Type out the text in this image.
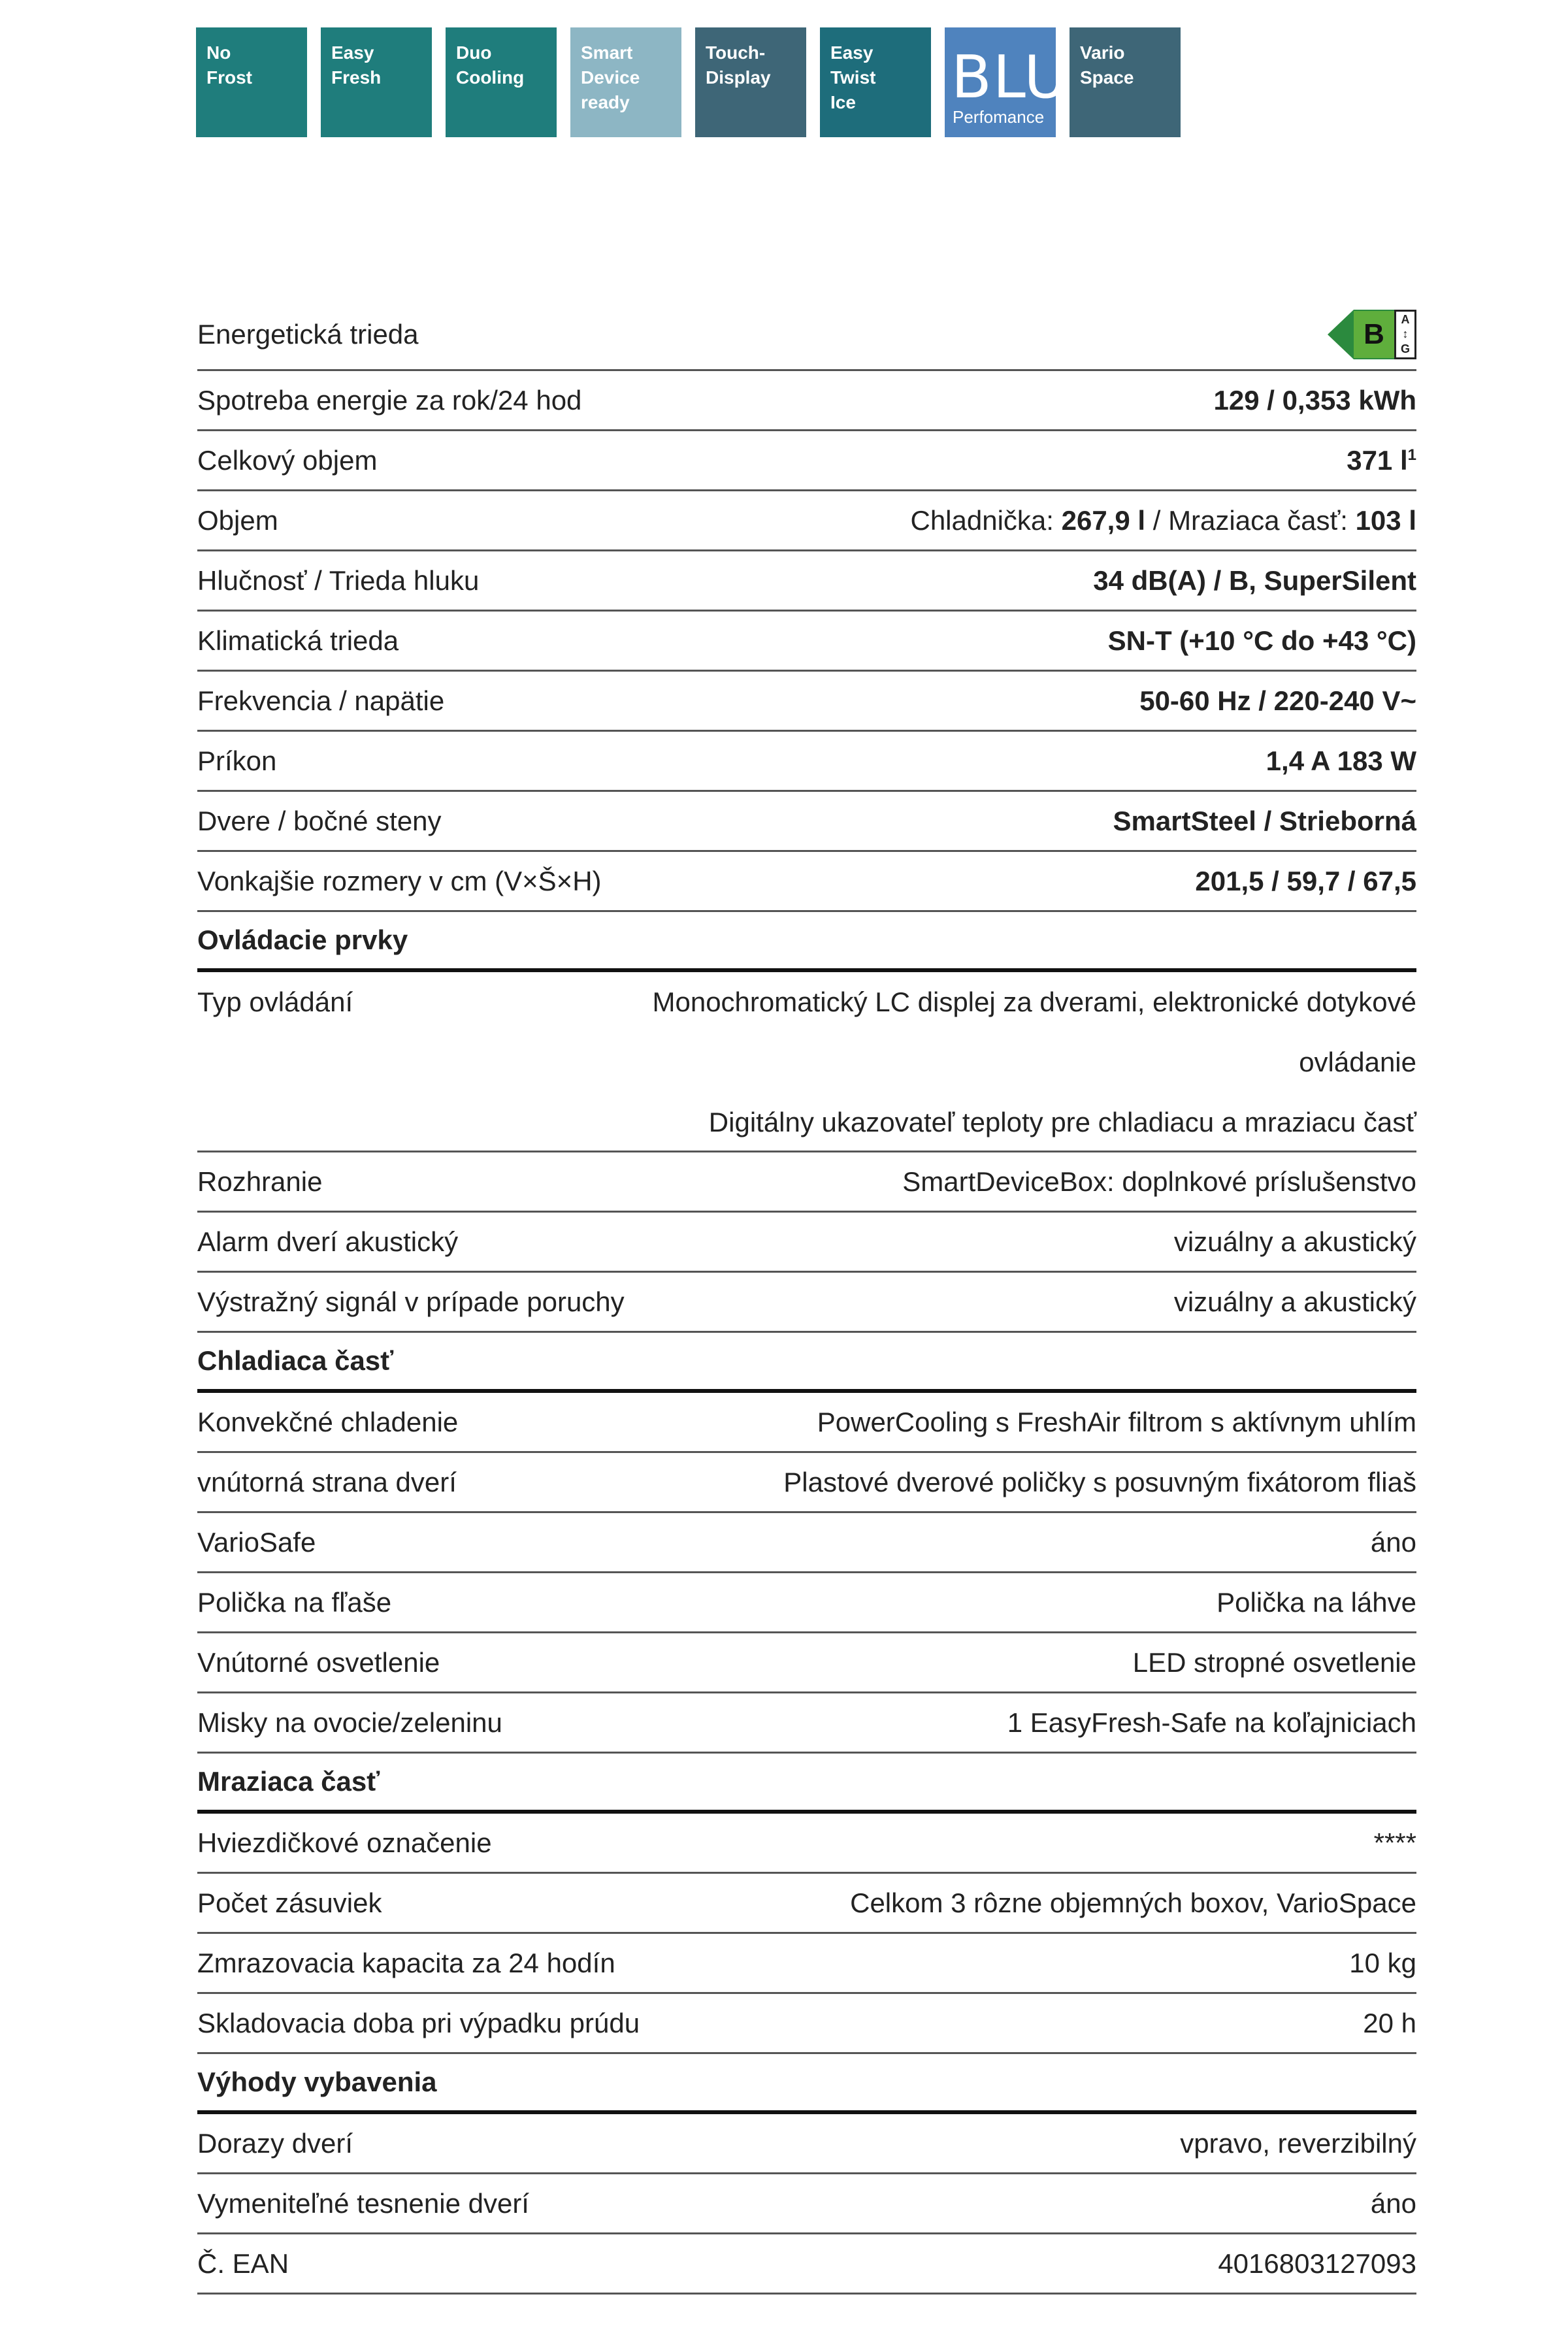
No
Frost
Easy
Fresh
Duo
Cooling
Smart
Device
ready
Touch-
Display
Easy
Twist
Ice	BLU

Perfomance

Vario
Space
Energetická trieda	B	A
↕
G
Spotreba energie za rok/24 hod	129 / 0,353 kWh
Celkový objem	371 $l^1$
Objem	Chladnička: 267,9 l / Mraziaca časť: 103 l
Hlučnosť / Trieda hluku	34 dB(A) / B, SuperSilent
Klimatická trieda	SN-T (+10 °C do +43 °C)
Frekvencia / napätie	50-60 Hz / 220-240 V~
Príkon	1,4 A 183 W
Dvere / bočné steny	SmartSteel / Strieborná
Vonkajšie rozmery v cm (V×Š×H)	201,5 / 59,7 / 67,5
Ovládacie prvky
Typ ovládání	Monochromatický LC displej za dverami, elektronické dotykové
ovládanie
Digitálny ukazovateľ teploty pre chladiacu a mraziacu časť
Rozhranie	SmartDeviceBox: doplnkové príslušenstvo
Alarm dverí akustický	vizuálny a akustický
Výstražný signál v prípade poruchy	vizuálny a akustický
Chladiaca časť
Konvekčné chladenie	PowerCooling s FreshAir filtrom s aktívnym uhlím
vnútorná strana dverí	Plastové dverové poličky s posuvným fixátorom fliaš
VarioSafe	áno
Polička na fľaše	Polička na láhve
Vnútorné osvetlenie	LED stropné osvetlenie
Misky na ovocie/zeleninu	1 EasyFresh-Safe na koľajniciach
Mraziaca časť
Hviezdičkové označenie	****
Počet zásuviek	Celkom 3 rôzne objemných boxov, VarioSpace
Zmrazovacia kapacita za 24 hodín	10 kg
Skladovacia doba pri výpadku prúdu	20 h
Výhody vybavenia
Dorazy dverí	vpravo, reverzibilný
Vymeniteľné tesnenie dverí	áno
Č. EAN	4016803127093
